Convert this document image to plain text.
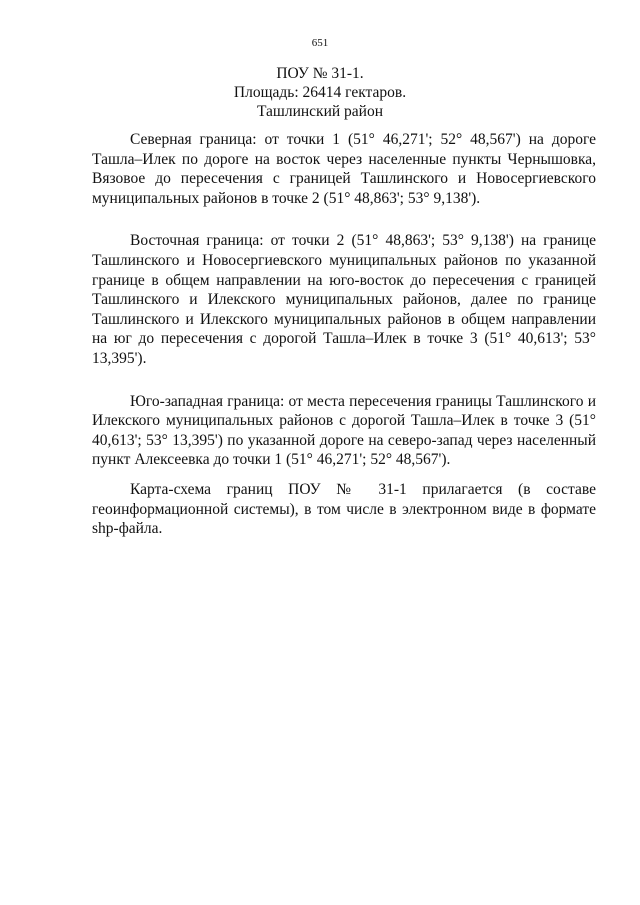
651
ПОУ № 31-1.
Площадь: 26414 гектаров.
Ташлинский район

Северная граница: от точки 1 (51° 46,271'; 52° 48,567') на дороге Ташла–Илек по дороге на восток через населенные пункты Чернышовка, Вязовое до пересечения с границей Ташлинского и Новосергиевского муниципальных районов в точке 2 (51° 48,863'; 53° 9,138').

Восточная граница: от точки 2 (51° 48,863'; 53° 9,138') на границе Ташлинского и Новосергиевского муниципальных районов по указанной границе в общем направлении на юго-восток до пересечения с границей Ташлинского и Илекского муниципальных районов, далее по границе Ташлинского и Илекского муниципальных районов в общем направлении на юг до пересечения с дорогой Ташла–Илек в точке 3 (51° 40,613'; 53° 13,395').

Юго-западная граница: от места пересечения границы Ташлинского и Илекского муниципальных районов с дорогой Ташла–Илек в точке 3 (51° 40,613'; 53° 13,395') по указанной дороге на северо-запад через населенный пункт Алексеевка до точки 1 (51° 46,271'; 52° 48,567').

Карта-схема границ ПОУ № 31-1 прилагается (в составе геоинформационной системы), в том числе в электронном виде в формате shp-файла.
